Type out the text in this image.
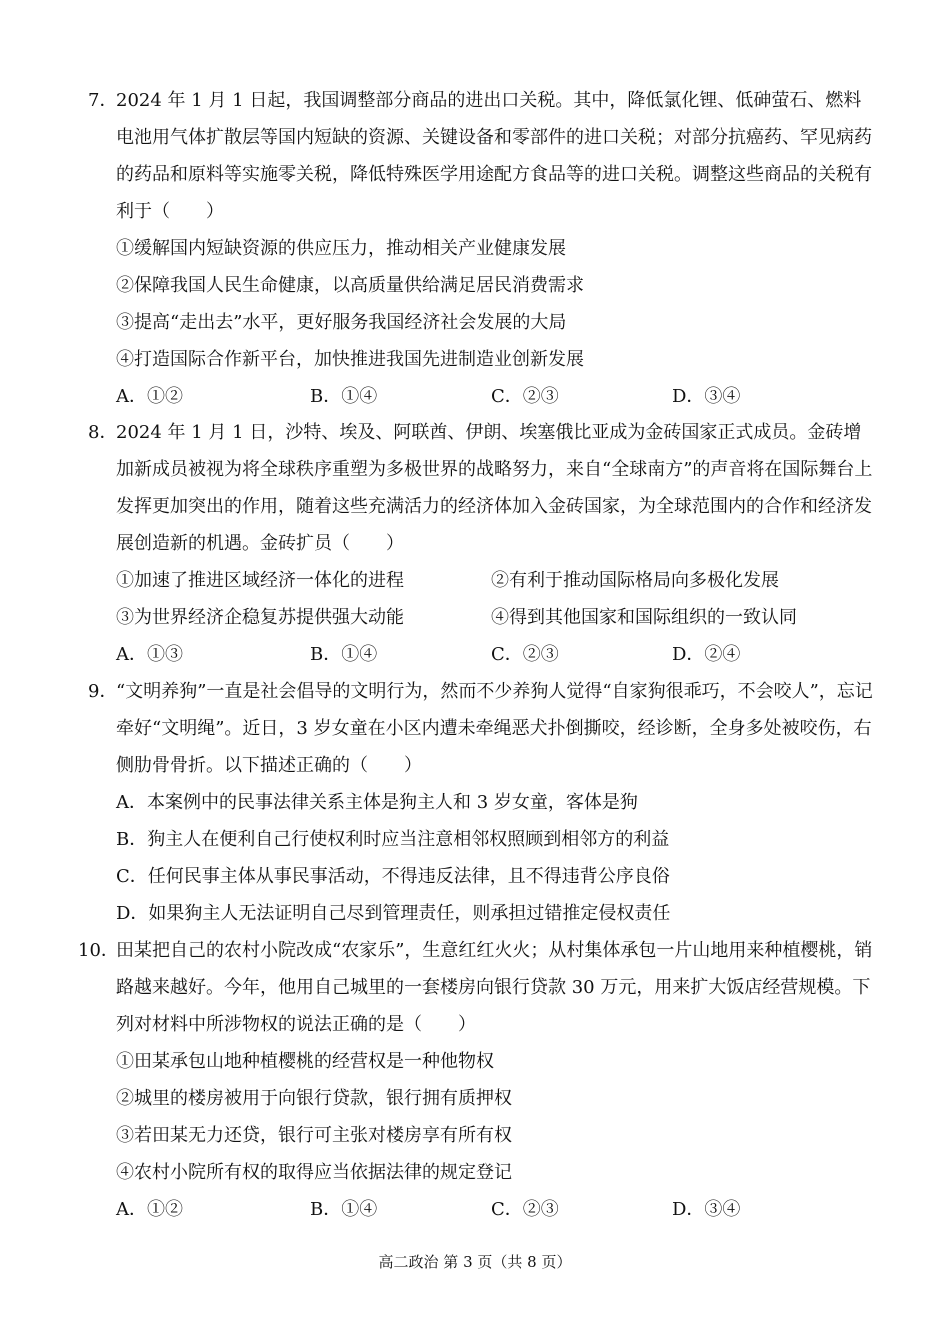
7．

2024 年 1 月 1 日起，我国调整部分商品的进出口关税。其中，降低氯化锂、低砷萤石、燃料电池用气体扩散层等国内短缺的资源、关键设备和零部件的进口关税；对部分抗癌药、罕见病药的药品和原料等实施零关税，降低特殊医学用途配方食品等的进口关税。调整这些商品的关税有利于（　　）

①缓解国内短缺资源的供应压力，推动相关产业健康发展
②保障我国人民生命健康，以高质量供给满足居民消费需求
③提高“走出去”水平，更好服务我国经济社会发展的大局
④打造国际合作新平台，加快推进我国先进制造业创新发展
A．①②	B．①④	C．②③	D．③④
8．

2024 年 1 月 1 日，沙特、埃及、阿联酋、伊朗、埃塞俄比亚成为金砖国家正式成员。金砖增加新成员被视为将全球秩序重塑为多极世界的战略努力，来自“全球南方”的声音将在国际舞台上发挥更加突出的作用，随着这些充满活力的经济体加入金砖国家，为全球范围内的合作和经济发展创造新的机遇。金砖扩员（　　）

①加速了推进区域经济一体化的进程	②有利于推动国际格局向多极化发展
③为世界经济企稳复苏提供强大动能	④得到其他国家和国际组织的一致认同
A．①③	B．①④	C．②③	D．②④
9．

“文明养狗”一直是社会倡导的文明行为，然而不少养狗人觉得“自家狗很乖巧，不会咬人”，忘记牵好“文明绳”。近日，3 岁女童在小区内遭未牵绳恶犬扑倒撕咬，经诊断，全身多处被咬伤，右侧肋骨骨折。以下描述正确的（　　）

A．本案例中的民事法律关系主体是狗主人和 3 岁女童，客体是狗
B．狗主人在便利自己行使权利时应当注意相邻权照顾到相邻方的利益
C．任何民事主体从事民事活动，不得违反法律，且不得违背公序良俗
D．如果狗主人无法证明自己尽到管理责任，则承担过错推定侵权责任
10．

田某把自己的农村小院改成“农家乐”，生意红红火火；从村集体承包一片山地用来种植樱桃，销路越来越好。今年，他用自己城里的一套楼房向银行贷款 30 万元，用来扩大饭店经营规模。下列对材料中所涉物权的说法正确的是（　　）

①田某承包山地种植樱桃的经营权是一种他物权
②城里的楼房被用于向银行贷款，银行拥有质押权
③若田某无力还贷，银行可主张对楼房享有所有权
④农村小院所有权的取得应当依据法律的规定登记
A．①②	B．①④	C．②③	D．③④
高二政治 第 3 页（共 8 页）
